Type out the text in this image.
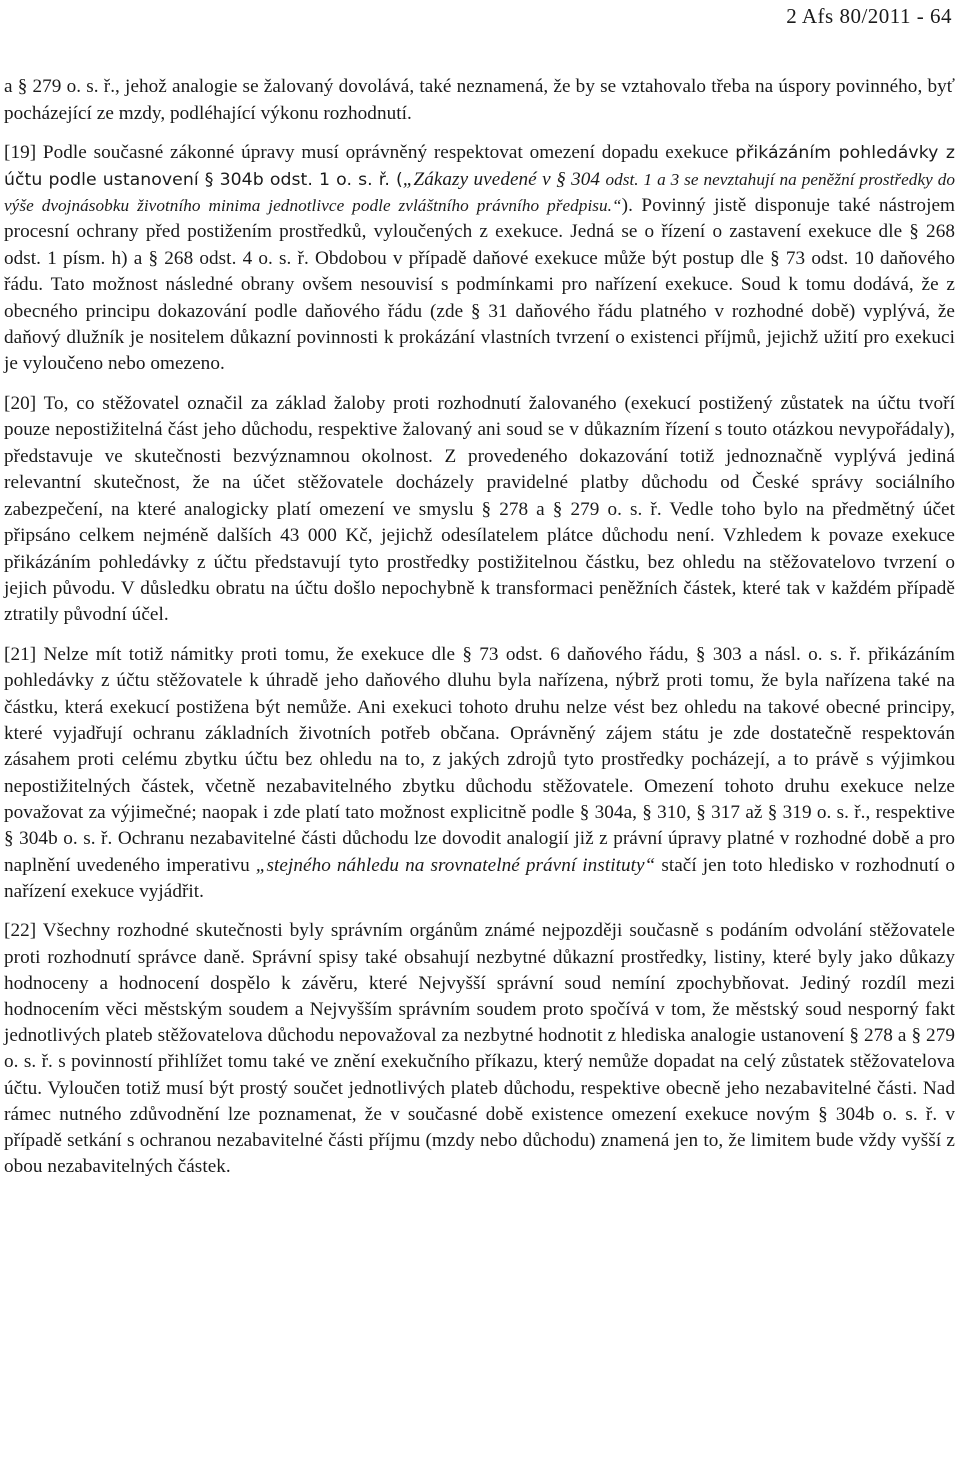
2 Afs 80/2011 - 64

a § 279 o. s. ř., jehož analogie se žalovaný dovolává, také neznamená, že by se vztahovalo třeba na úspory povinného, byť pocházející ze mzdy, podléhající výkonu rozhodnutí.

[19] Podle současné zákonné úpravy musí oprávněný respektovat omezení dopadu exekuce přikázáním pohledávky z účtu podle ustanovení § 304b odst. 1 o. s. ř. („Zákazy uvedené v § 304 odst. 1 a 3 se nevztahují na peněžní prostředky do výše dvojnásobku životního minima jednotlivce podle zvláštního právního předpisu.“). Povinný jistě disponuje také nástrojem procesní ochrany před postižením prostředků, vyloučených z exekuce. Jedná se o řízení o zastavení exekuce dle § 268 odst. 1 písm. h) a § 268 odst. 4 o. s. ř. Obdobou v případě daňové exekuce může být postup dle § 73 odst. 10 daňového řádu. Tato možnost následné obrany ovšem nesouvisí s podmínkami pro nařízení exekuce. Soud k tomu dodává, že z obecného principu dokazování podle daňového řádu (zde § 31 daňového řádu platného v rozhodné době) vyplývá, že daňový dlužník je nositelem důkazní povinnosti k prokázání vlastních tvrzení o existenci příjmů, jejichž užití pro exekuci je vyloučeno nebo omezeno.

[20] To, co stěžovatel označil za základ žaloby proti rozhodnutí žalovaného (exekucí postižený zůstatek na účtu tvoří pouze nepostižitelná část jeho důchodu, respektive žalovaný ani soud se v důkazním řízení s touto otázkou nevypořádaly), představuje ve skutečnosti bezvýznamnou okolnost. Z provedeného dokazování totiž jednoznačně vyplývá jediná relevantní skutečnost, že na účet stěžovatele docházely pravidelné platby důchodu od České správy sociálního zabezpečení, na které analogicky platí omezení ve smyslu § 278 a § 279 o. s. ř. Vedle toho bylo na předmětný účet připsáno celkem nejméně dalších 43 000 Kč, jejichž odesílatelem plátce důchodu není. Vzhledem k povaze exekuce přikázáním pohledávky z účtu představují tyto prostředky postižitelnou částku, bez ohledu na stěžovatelovo tvrzení o jejich původu. V důsledku obratu na účtu došlo nepochybně k transformaci peněžních částek, které tak v každém případě ztratily původní účel.

[21] Nelze mít totiž námitky proti tomu, že exekuce dle § 73 odst. 6 daňového řádu, § 303 a násl. o. s. ř. přikázáním pohledávky z účtu stěžovatele k úhradě jeho daňového dluhu byla nařízena, nýbrž proti tomu, že byla nařízena také na částku, která exekucí postižena být nemůže. Ani exekuci tohoto druhu nelze vést bez ohledu na takové obecné principy, které vyjadřují ochranu základních životních potřeb občana. Oprávněný zájem státu je zde dostatečně respektován zásahem proti celému zbytku účtu bez ohledu na to, z jakých zdrojů tyto prostředky pocházejí, a to právě s výjimkou nepostižitelných částek, včetně nezabavitelného zbytku důchodu stěžovatele. Omezení tohoto druhu exekuce nelze považovat za výjimečné; naopak i zde platí tato možnost explicitně podle § 304a, § 310, § 317 až § 319 o. s. ř., respektive § 304b o. s. ř. Ochranu nezabavitelné části důchodu lze dovodit analogií již z právní úpravy platné v rozhodné době a pro naplnění uvedeného imperativu „stejného náhledu na srovnatelné právní instituty“ stačí jen toto hledisko v rozhodnutí o nařízení exekuce vyjádřit.

[22] Všechny rozhodné skutečnosti byly správním orgánům známé nejpozději současně s podáním odvolání stěžovatele proti rozhodnutí správce daně. Správní spisy také obsahují nezbytné důkazní prostředky, listiny, které byly jako důkazy hodnoceny a hodnocení dospělo k závěru, které Nejvyšší správní soud nemíní zpochybňovat. Jediný rozdíl mezi hodnocením věci městským soudem a Nejvyšším správním soudem proto spočívá v tom, že městský soud nesporný fakt jednotlivých plateb stěžovatelova důchodu nepovažoval za nezbytné hodnotit z hlediska analogie ustanovení § 278 a § 279 o. s. ř. s povinností přihlížet tomu také ve znění exekučního příkazu, který nemůže dopadat na celý zůstatek stěžovatelova účtu. Vyloučen totiž musí být prostý součet jednotlivých plateb důchodu, respektive obecně jeho nezabavitelné části. Nad rámec nutného zdůvodnění lze poznamenat, že v současné době existence omezení exekuce novým § 304b o. s. ř. v případě setkání s ochranou nezabavitelné části příjmu (mzdy nebo důchodu) znamená jen to, že limitem bude vždy vyšší z obou nezabavitelných částek.
